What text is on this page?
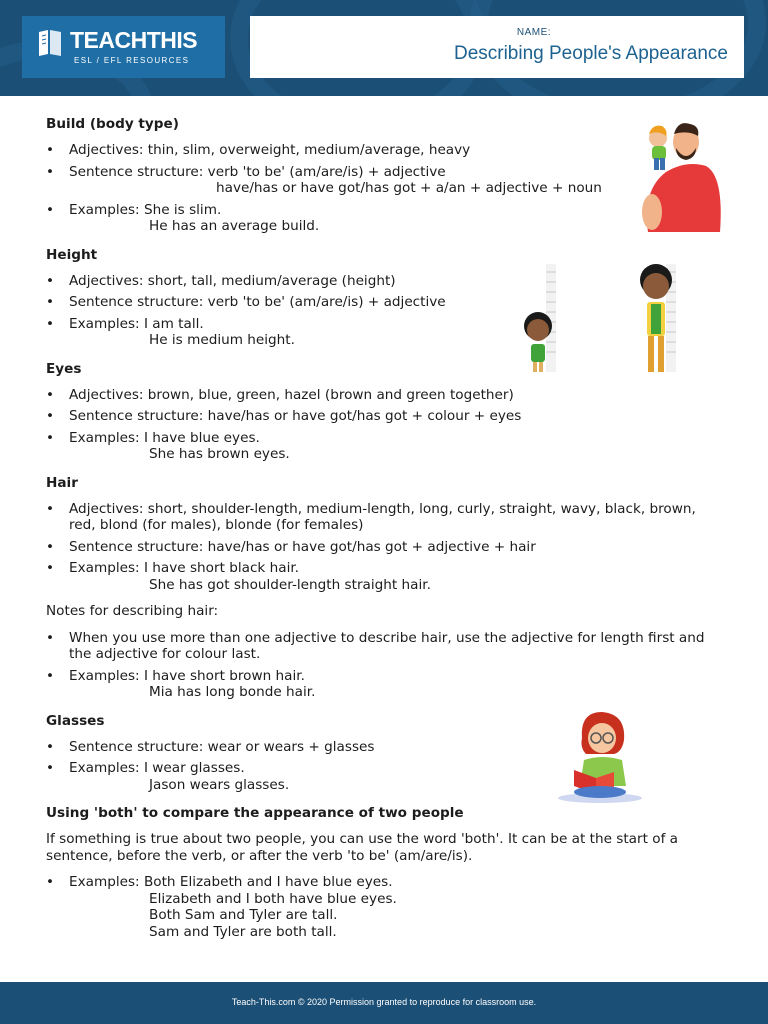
TEACHTHIS
ESL / EFL RESOURCES
NAME:
Describing People's Appearance
Build (body type)
• Adjectives: thin, slim, overweight, medium/average, heavy
• Sentence structure: verb 'to be' (am/are/is) + adjective
have/has or have got/has got + a/an + adjective + noun
• Examples: She is slim.
He has an average build.
Height
• Adjectives: short, tall, medium/average (height)
• Sentence structure: verb 'to be' (am/are/is) + adjective
• Examples: I am tall.
He is medium height.
Eyes
• Adjectives: brown, blue, green, hazel (brown and green together)
• Sentence structure: have/has or have got/has got + colour + eyes
• Examples: I have blue eyes.
She has brown eyes.
Hair
• Adjectives: short, shoulder-length, medium-length, long, curly, straight, wavy, black, brown, red, blond (for males), blonde (for females)
• Sentence structure: have/has or have got/has got + adjective + hair
• Examples: I have short black hair.
She has got shoulder-length straight hair.

Notes for describing hair:

• When you use more than one adjective to describe hair, use the adjective for length first and the adjective for colour last.
• Examples: I have short brown hair.
Mia has long bonde hair.
Glasses
• Sentence structure: wear or wears + glasses
• Examples: I wear glasses.
Jason wears glasses.
Using 'both' to compare the appearance of two people

If something is true about two people, you can use the word 'both'. It can be at the start of a sentence, before the verb, or after the verb 'to be' (am/are/is).

• Examples: Both Elizabeth and I have blue eyes.
Elizabeth and I both have blue eyes.
Both Sam and Tyler are tall.
Sam and Tyler are both tall.
Teach-This.com © 2020 Permission granted to reproduce for classroom use.
